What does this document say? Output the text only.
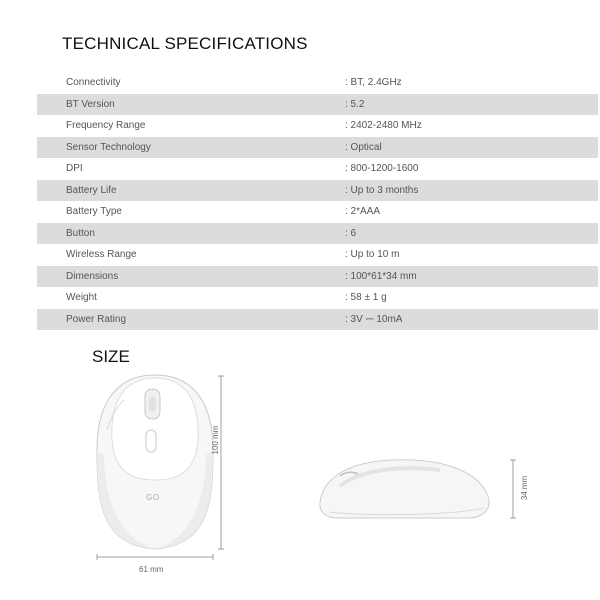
TECHNICAL SPECIFICATIONS
Connectivity	: BT, 2.4GHz
BT Version	: 5.2
Frequency Range	: 2402-2480 MHz
Sensor Technology	: Optical
DPI	: 800-1200-1600
Battery Life	: Up to 3 months
Battery Type	: 2*AAA
Button	: 6
Wireless Range	: Up to 10 m
Dimensions	: 100*61*34 mm
Weight	: 58 ± 1 g
Power Rating	: 3V ⎓ 10mA
SIZE
GO
100 mm
61 mm
34 mm
